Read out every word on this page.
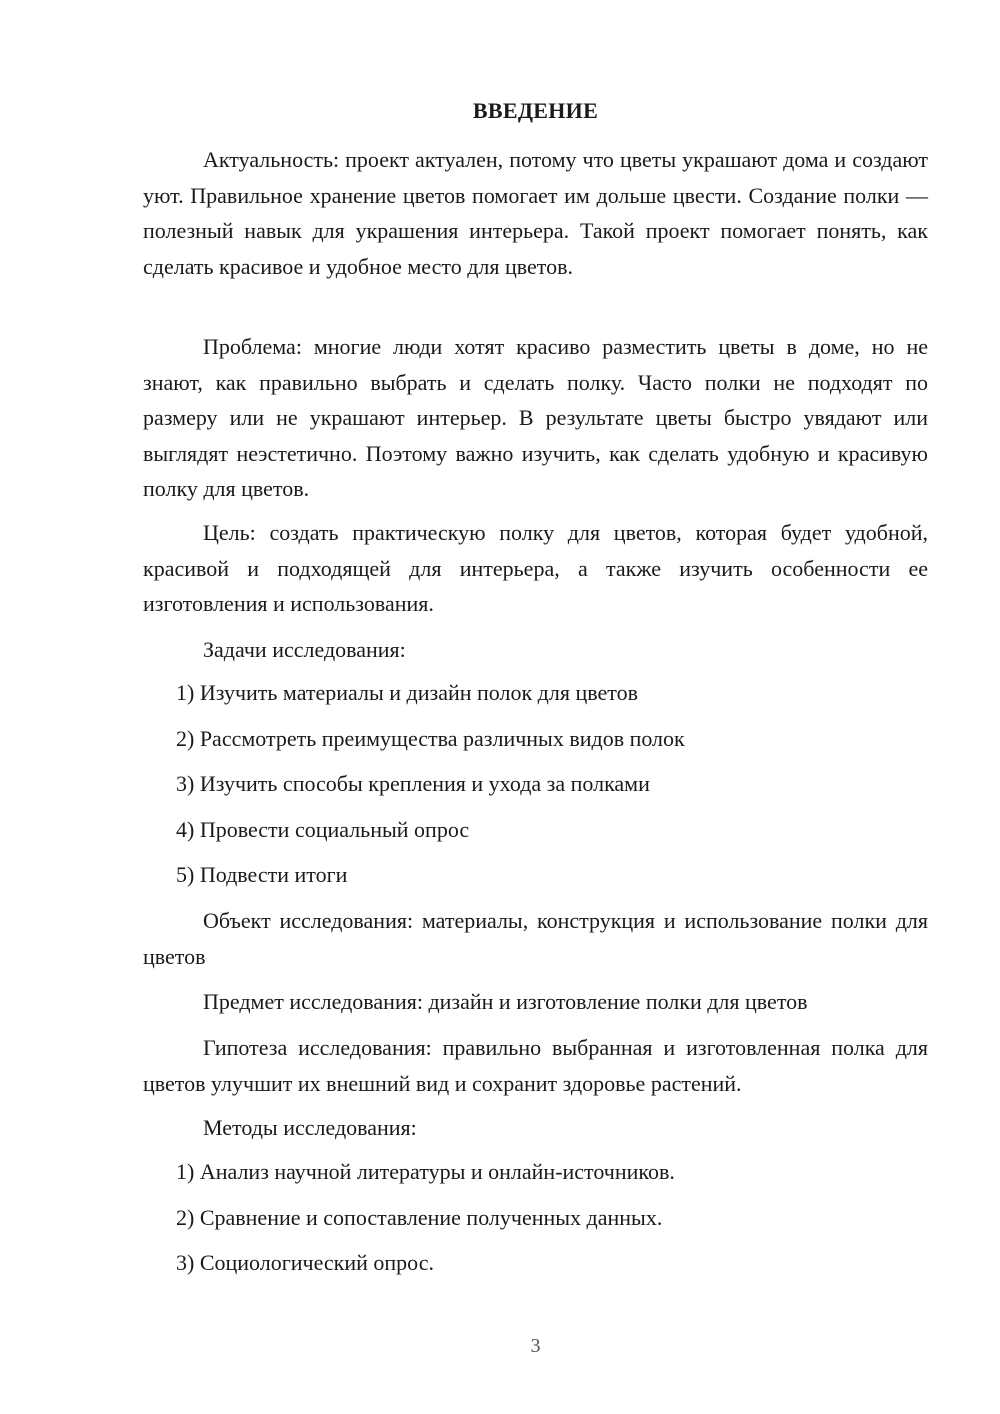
ВВЕДЕНИЕ

Актуальность: проект актуален, потому что цветы украшают дома и создают уют. Правильное хранение цветов помогает им дольше цвести. Создание полки — полезный навык для украшения интерьера. Такой проект помогает понять, как сделать красивое и удобное место для цветов.

Проблема: многие люди хотят красиво разместить цветы в доме, но не знают, как правильно выбрать и сделать полку. Часто полки не подходят по размеру или не украшают интерьер. В результате цветы быстро увядают или выглядят неэстетично. Поэтому важно изучить, как сделать удобную и красивую полку для цветов.

Цель: создать практическую полку для цветов, которая будет удобной, красивой и подходящей для интерьера, а также изучить особенности ее изготовления и использования.

Задачи исследования:

1) Изучить материалы и дизайн полок для цветов

2) Рассмотреть преимущества различных видов полок

3) Изучить способы крепления и ухода за полками

4) Провести социальный опрос

5) Подвести итоги

Объект исследования: материалы, конструкция и использование полки для цветов

Предмет исследования: дизайн и изготовление полки для цветов

Гипотеза исследования: правильно выбранная и изготовленная полка для цветов улучшит их внешний вид и сохранит здоровье растений.

Методы исследования:

1) Анализ научной литературы и онлайн-источников.

2) Сравнение и сопоставление полученных данных.

3) Социологический опрос.

3
